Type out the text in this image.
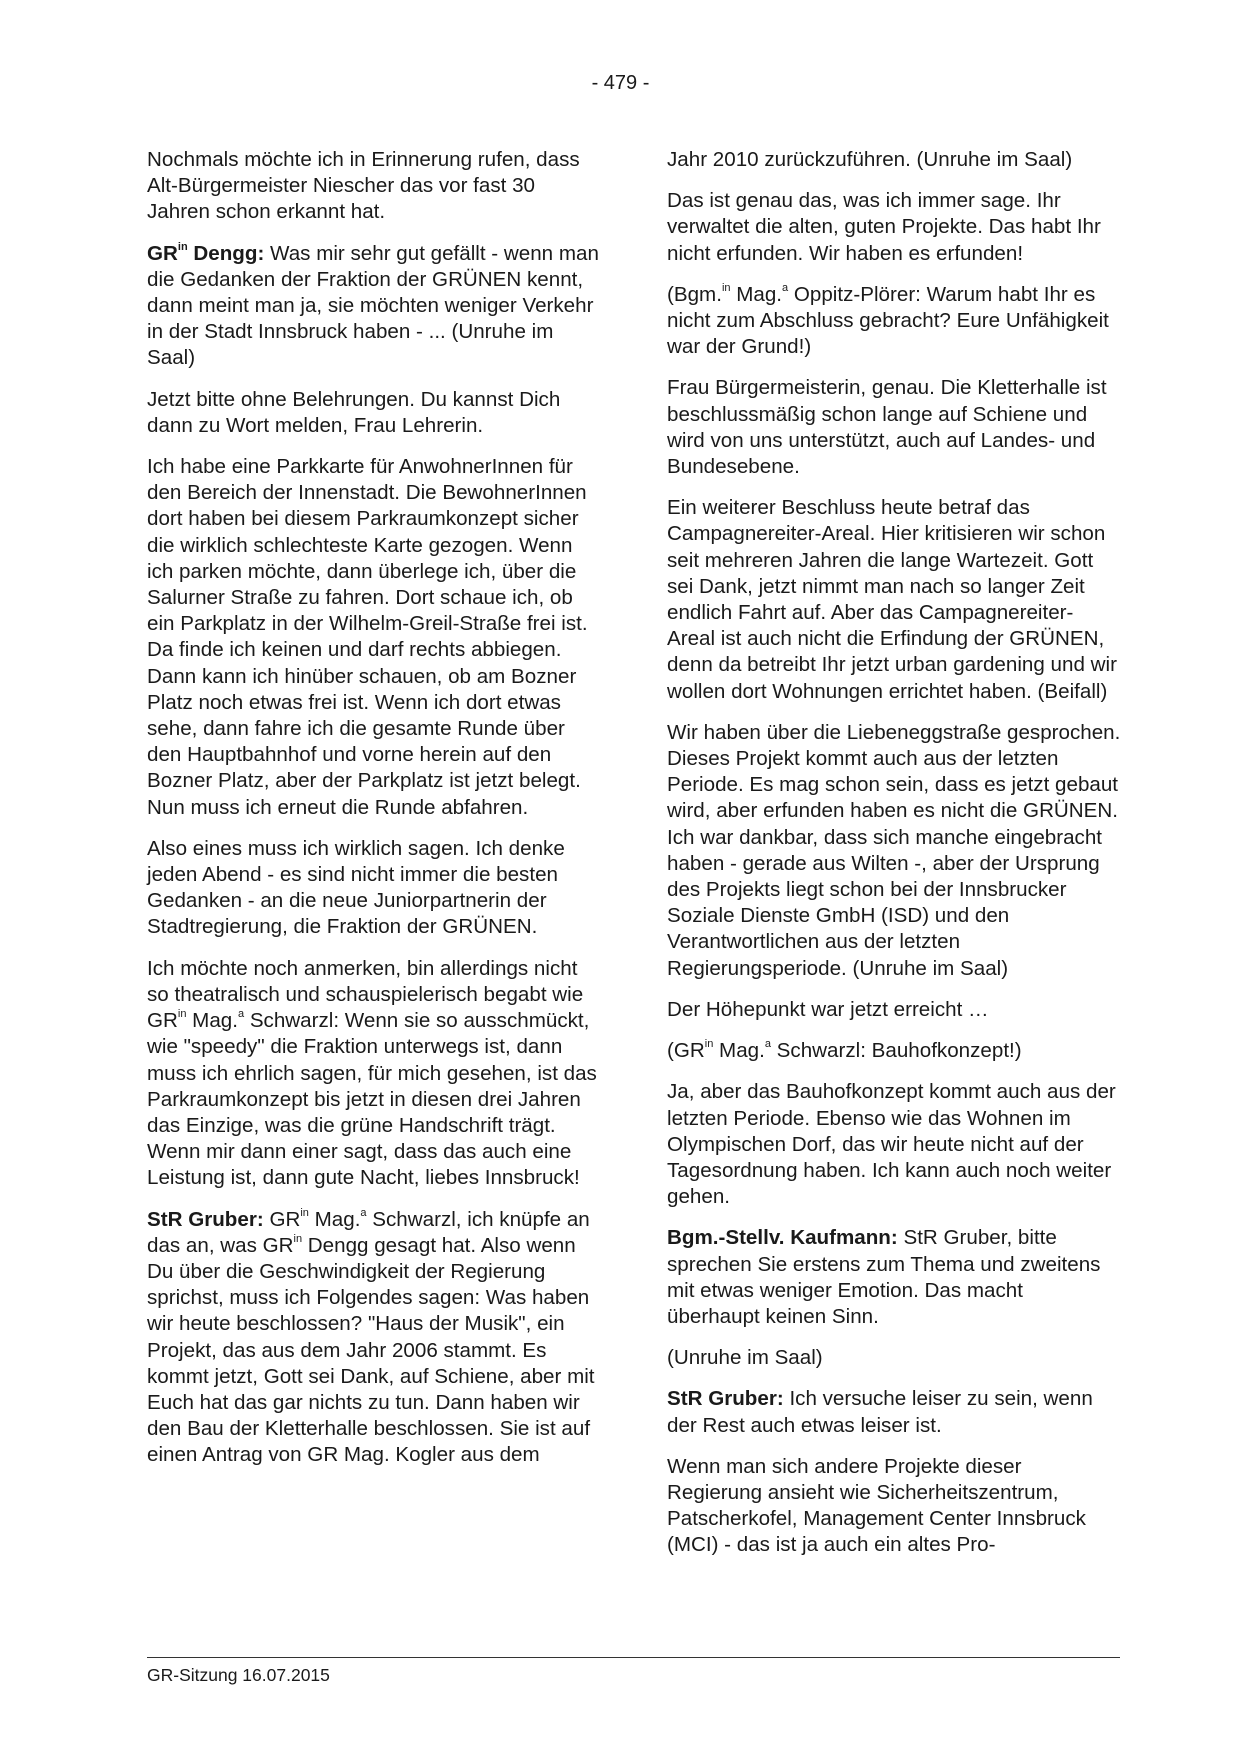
- 479 -

Nochmals möchte ich in Erinnerung rufen, dass Alt-Bürgermeister Niescher das vor fast 30 Jahren schon erkannt hat.

$GR^{in}$ Dengg: Was mir sehr gut gefällt - wenn man die Gedanken der Fraktion der GRÜNEN kennt, dann meint man ja, sie möchten weniger Verkehr in der Stadt Innsbruck haben - ... (Unruhe im Saal)

Jetzt bitte ohne Belehrungen. Du kannst Dich dann zu Wort melden, Frau Lehrerin.

Ich habe eine Parkkarte für AnwohnerInnen für den Bereich der Innenstadt. Die BewohnerInnen dort haben bei diesem Parkraumkonzept sicher die wirklich schlechteste Karte gezogen. Wenn ich parken möchte, dann überlege ich, über die Salurner Straße zu fahren. Dort schaue ich, ob ein Parkplatz in der Wilhelm-Greil-Straße frei ist. Da finde ich keinen und darf rechts abbiegen. Dann kann ich hinüber schauen, ob am Bozner Platz noch etwas frei ist. Wenn ich dort etwas sehe, dann fahre ich die gesamte Runde über den Hauptbahnhof und vorne herein auf den Bozner Platz, aber der Parkplatz ist jetzt belegt. Nun muss ich erneut die Runde abfahren.

Also eines muss ich wirklich sagen. Ich denke jeden Abend - es sind nicht immer die besten Gedanken - an die neue Juniorpartnerin der Stadtregierung, die Fraktion der GRÜNEN.

Ich möchte noch anmerken, bin allerdings nicht so theatralisch und schauspielerisch begabt wie $GR^{in}$ Mag.$^a$ Schwarzl: Wenn sie so ausschmückt, wie "speedy" die Fraktion unterwegs ist, dann muss ich ehrlich sagen, für mich gesehen, ist das Parkraumkonzept bis jetzt in diesen drei Jahren das Einzige, was die grüne Handschrift trägt. Wenn mir dann einer sagt, dass das auch eine Leistung ist, dann gute Nacht, liebes Innsbruck!

StR Gruber: $GR^{in}$ Mag.$^a$ Schwarzl, ich knüpfe an das an, was $GR^{in}$ Dengg gesagt hat. Also wenn Du über die Geschwindigkeit der Regierung sprichst, muss ich Folgendes sagen: Was haben wir heute beschlossen? "Haus der Musik", ein Projekt, das aus dem Jahr 2006 stammt. Es kommt jetzt, Gott sei Dank, auf Schiene, aber mit Euch hat das gar nichts zu tun. Dann haben wir den Bau der Kletterhalle beschlossen. Sie ist auf einen Antrag von GR Mag. Kogler aus dem

Jahr 2010 zurückzuführen. (Unruhe im Saal)

Das ist genau das, was ich immer sage. Ihr verwaltet die alten, guten Projekte. Das habt Ihr nicht erfunden. Wir haben es erfunden!

(Bgm.$^{in}$ Mag.$^a$ Oppitz-Plörer: Warum habt Ihr es nicht zum Abschluss gebracht? Eure Unfähigkeit war der Grund!)

Frau Bürgermeisterin, genau. Die Kletterhalle ist beschlussmäßig schon lange auf Schiene und wird von uns unterstützt, auch auf Landes- und Bundesebene.

Ein weiterer Beschluss heute betraf das Campagnereiter-Areal. Hier kritisieren wir schon seit mehreren Jahren die lange Wartezeit. Gott sei Dank, jetzt nimmt man nach so langer Zeit endlich Fahrt auf. Aber das Campagnereiter-Areal ist auch nicht die Erfindung der GRÜNEN, denn da betreibt Ihr jetzt urban gardening und wir wollen dort Wohnungen errichtet haben. (Beifall)

Wir haben über die Liebeneggstraße gesprochen. Dieses Projekt kommt auch aus der letzten Periode. Es mag schon sein, dass es jetzt gebaut wird, aber erfunden haben es nicht die GRÜNEN. Ich war dankbar, dass sich manche eingebracht haben - gerade aus Wilten -, aber der Ursprung des Projekts liegt schon bei der Innsbrucker Soziale Dienste GmbH (ISD) und den Verantwortlichen aus der letzten Regierungsperiode. (Unruhe im Saal)

Der Höhepunkt war jetzt erreicht …

($GR^{in}$ Mag.$^a$ Schwarzl: Bauhofkonzept!)

Ja, aber das Bauhofkonzept kommt auch aus der letzten Periode. Ebenso wie das Wohnen im Olympischen Dorf, das wir heute nicht auf der Tagesordnung haben. Ich kann auch noch weiter gehen.

Bgm.-Stellv. Kaufmann: StR Gruber, bitte sprechen Sie erstens zum Thema und zweitens mit etwas weniger Emotion. Das macht überhaupt keinen Sinn.

(Unruhe im Saal)

StR Gruber: Ich versuche leiser zu sein, wenn der Rest auch etwas leiser ist.

Wenn man sich andere Projekte dieser Regierung ansieht wie Sicherheitszentrum, Patscherkofel, Management Center Innsbruck (MCI) - das ist ja auch ein altes Pro-

GR-Sitzung 16.07.2015
